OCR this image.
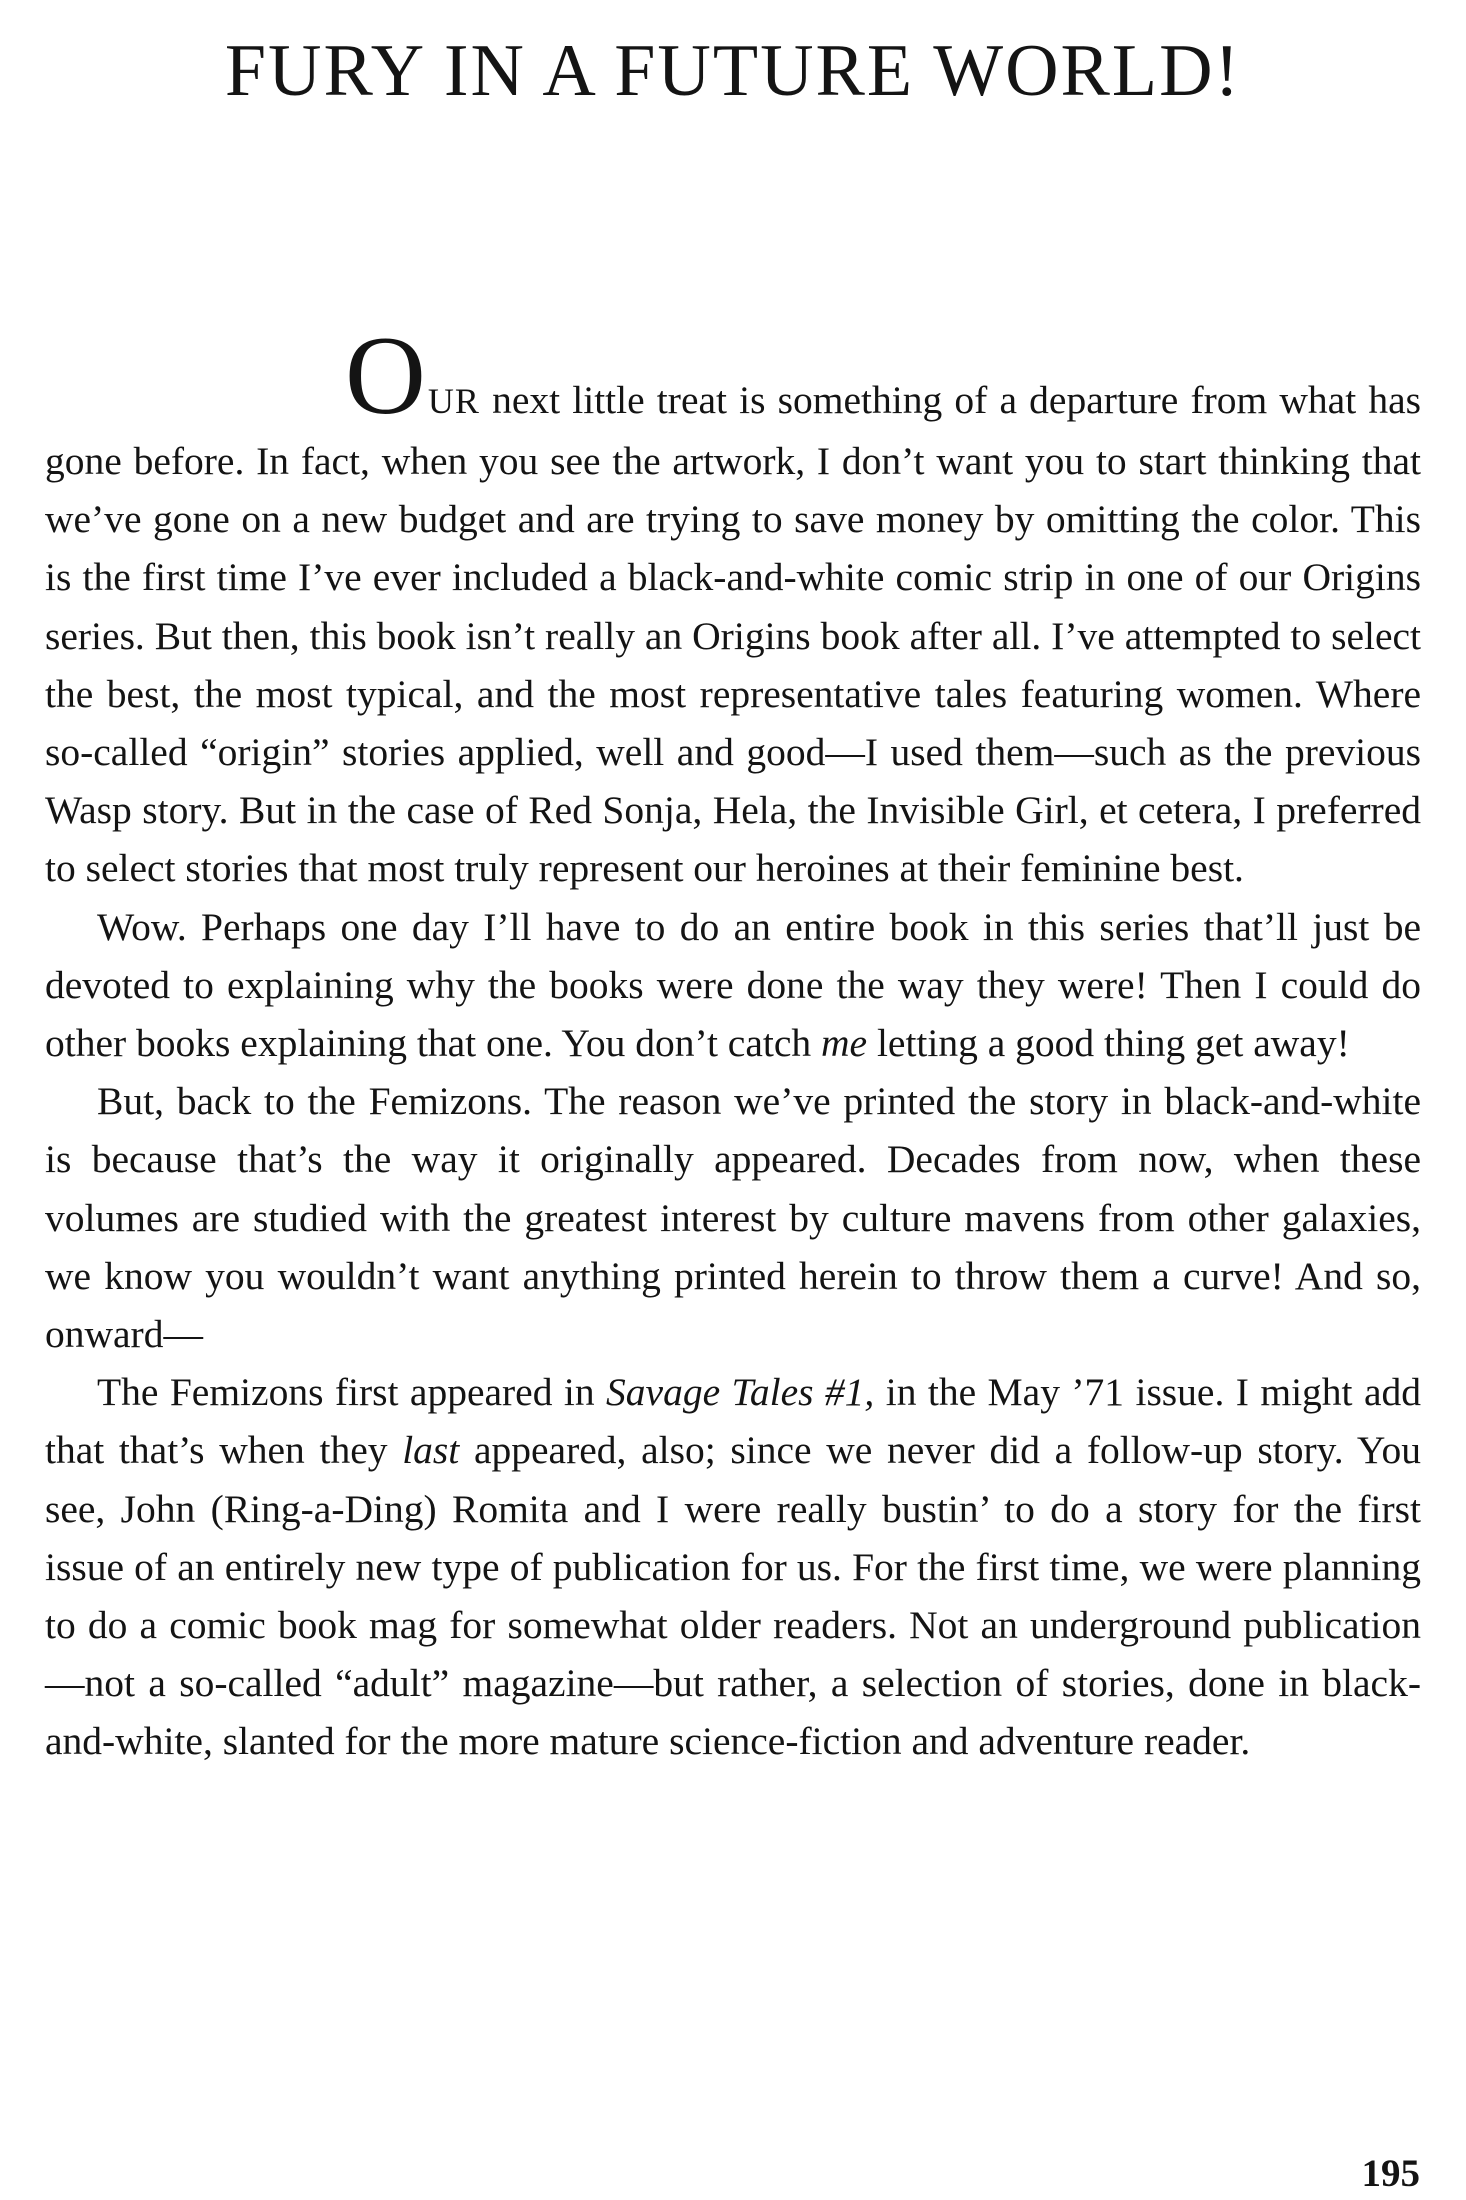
FURY IN A FUTURE WORLD!

OUR next little treat is something of a departure from what has gone before. In fact, when you see the artwork, I don’t want you to start thinking that we’ve gone on a new budget and are trying to save money by omitting the color. This is the first time I’ve ever included a black-and-white comic strip in one of our Origins series. But then, this book isn’t really an Origins book after all. I’ve attempted to select the best, the most typical, and the most representative tales featuring women. Where so-called “origin” stories applied, well and good—I used them—such as the previous Wasp story. But in the case of Red Sonja, Hela, the Invisible Girl, et cetera, I preferred to select stories that most truly represent our heroines at their feminine best.

Wow. Perhaps one day I’ll have to do an entire book in this series that’ll just be devoted to explaining why the books were done the way they were! Then I could do other books explaining that one. You don’t catch me letting a good thing get away!

But, back to the Femizons. The reason we’ve printed the story in black-and-white is because that’s the way it originally appeared. Decades from now, when these volumes are studied with the greatest interest by culture mavens from other galaxies, we know you wouldn’t want anything printed herein to throw them a curve! And so, onward—

The Femizons first appeared in Savage Tales #1, in the May ’71 issue. I might add that that’s when they last appeared, also; since we never did a follow-up story. You see, John (Ring-a-Ding) Romita and I were really bustin’ to do a story for the first issue of an entirely new type of publication for us. For the first time, we were planning to do a comic book mag for somewhat older readers. Not an underground publication—not a so-called “adult” magazine—but rather, a selection of stories, done in black-and-white, slanted for the more mature science-fiction and adventure reader.

195
